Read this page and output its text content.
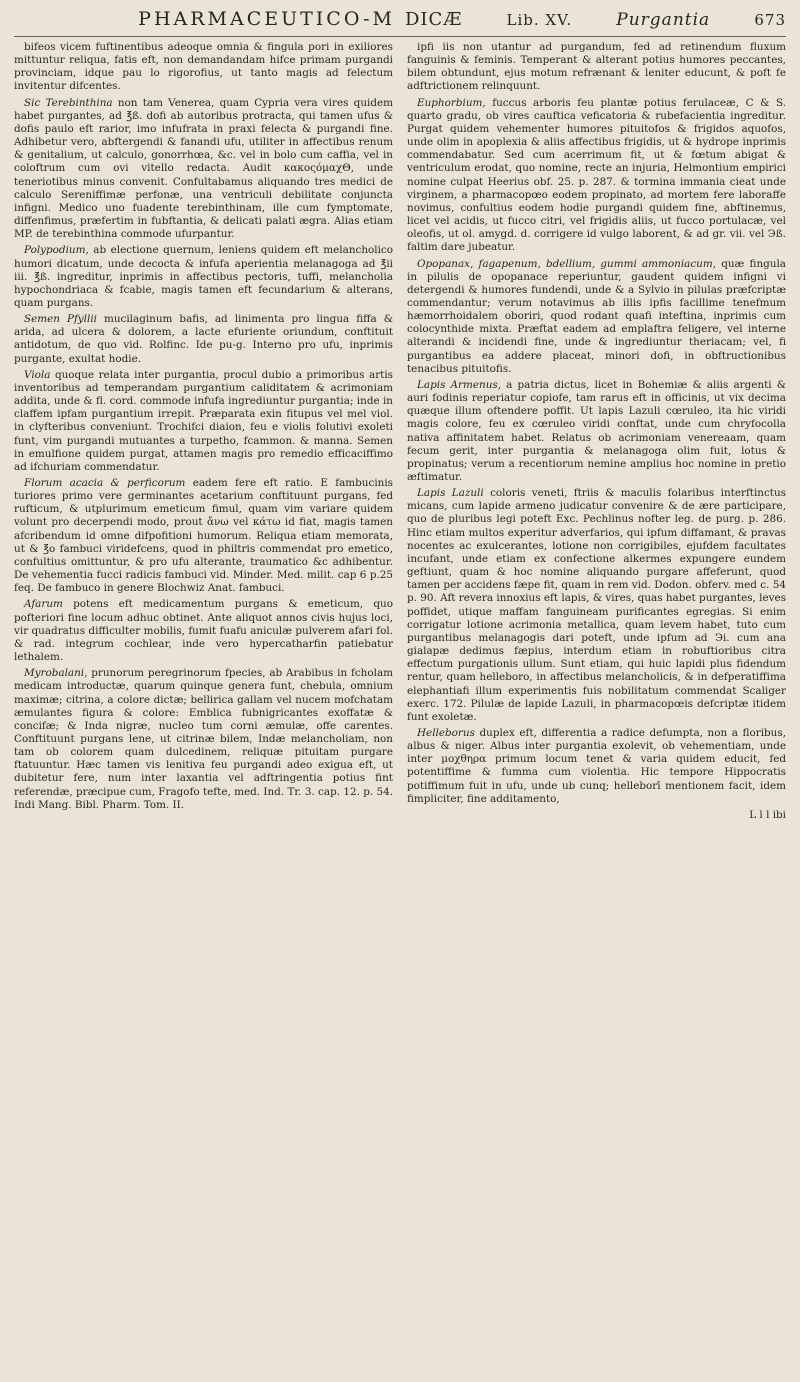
PHARMACEUTICO-M DICÆ	Lib. XV.	Purgantia	673

bifeos vicem fuftinentibus adeoque omnia & fingula pori in exiliores mittuntur reliqua, fatis eft, non demandandam hifce primam purgandi provinciam, idque pau lo rigorofius, ut tanto magis ad felectum invitentur difcentes.

Sic Terebinthina non tam Venerea, quam Cypria vera vires quidem habet purgantes, ad ℥ß. dofi ab autoribus protracta, qui tamen ufus & dofis paulo eft rarior, imo infufrata in praxi felecta & purgandi fine. Adhibetur vero, abftergendi & fanandi ufu, utiliter in affectibus renum & genitalium, ut calculo, gonorrhœa, &c. vel in bolo cum caffia, vel in coloftrum cum ovi vitello redacta. Audit κακοςόμαχΘ, unde teneriotibus minus convenit. Confultabamus aliquando tres medici de calculo Sereniffimæ perfonæ, una ventriculi debilitate conjuncta infigni. Medico uno fuadente terebinthinam, ille cum fymptomate, diffenfimus, præfertim in fubftantia, & delicati palati ægra. Alias etiam MP. de terebinthina commode ufurpantur.

Polypodium, ab electione quernum, leniens quidem eft melancholico humori dicatum, unde decocta & infufa aperientia melanagoga ad ℥ii iii. ℥ß. ingreditur, inprimis in affectibus pectoris, tuffi, melancholia hypochondriaca & fcabie, magis tamen eft fecundarium & alterans, quam purgans.

Semen Pfyllii mucilaginum bafis, ad linimenta pro lingua fiffa & arida, ad ulcera & dolorem, a lacte efuriente oriundum, conftituit antidotum, de quo vid. Rolfinc. Ide pu-g. Interno pro ufu, inprimis purgante, exultat hodie.

Viola quoque relata inter purgantia, procul dubio a primoribus artis inventoribus ad temperandam purgantium caliditatem & acrimoniam addita, unde & fl. cord. commode infufa ingrediuntur purgantia; inde in claffem ipfam purgantium irrepit. Præparata exin fitupus vel mel viol. in clyfteribus conveniunt. Trochifci diaion, feu e violis folutivi exoleti funt, vim purgandi mutuantes a turpetho, fcammon. & manna. Semen in emulfione quidem purgat, attamen magis pro remedio efficaciffimo ad ifchuriam commendatur.

Florum acacia & perficorum eadem fere eft ratio. E fambucinis turiores primo vere germinantes acetarium conftituunt purgans, fed rufticum, & utplurimum emeticum fimul, quam vim variare quidem volunt pro decerpendi modo, prout ἄνω vel κάτω id fiat, magis tamen afcribendum id omne difpofitioni humorum. Reliqua etiam memorata, ut & ℥o fambuci viridefcens, quod in philtris commendat pro emetico, confultius omittuntur, & pro ufu alterante, traumatico &c adhibentur. De vehementia fucci radicis fambuci vid. Minder. Med. milit. cap 6 p.25 feq. De fambuco in genere Blochwiz Anat. fambuci.

Afarum potens eft medicamentum purgans & emeticum, quo pofteriori fine locum adhuc obtinet. Ante aliquot annos civis hujus loci, vir quadratus difficulter mobilis, fumit fuafu aniculæ pulverem afari fol. & rad. integrum cochlear, inde vero hypercatharfin patiebatur lethalem.

Myrobalani, prunorum peregrinorum fpecies, ab Arabibus in fcholam medicam introductæ, quarum quinque genera funt, chebula, omnium maximæ; citrina, a colore dictæ; bellirica gallam vel nucem mofchatam æmulantes figura & colore: Emblica fubnigricantes exoffatæ & concifæ; & Inda nigræ, nucleo tum corni æmulæ, offe carentes. Conftituunt purgans lene, ut citrinæ bilem, Indæ melancholiam, non tam ob colorem quam dulcedinem, reliquæ pituitam purgare ftatuuntur. Hæc tamen vis lenitiva feu purgandi adeo exigua eft, ut dubitetur fere, num inter laxantia vel adftringentia potius fint referendæ, præcipue cum, Fragofo tefte, med. Ind. Tr. 3. cap. 12. p. 54. Indi Mang. Bibl. Pharm. Tom. II.

ipfi iis non utantur ad purgandum, fed ad retinendum fluxum fanguinis & feminis. Temperant & alterant potius humores peccantes, bilem obtundunt, ejus motum refrænant & leniter educunt, & poft fe adftrictionem relinquunt.

Euphorbium, fuccus arboris feu plantæ potius ferulaceæ, C & S. quarto gradu, ob vires cauftica veficatoria & rubefacientia ingreditur. Purgat quidem vehementer humores pituitofos & frigidos aquofos, unde olim in apoplexia & aliis affectibus frigidis, ut & hydrope inprimis commendabatur. Sed cum acerrimum fit, ut & fœtum abigat & ventriculum erodat, quo nomine, recte an injuria, Helmontium empirici nomine culpat Heerius obf. 25. p. 287. & tormina immania cieat unde virginem, a pharmacopœo eodem propinato, ad mortem fere laboraffe novimus, confultius eodem hodie purgandi quidem fine, abftinemus, licet vel acidis, ut fucco citri, vel frigidis aliis, ut fucco portulacæ, vel oleofis, ut ol. amygd. d. corrigere id vulgo laborent, & ad gr. vii. vel Эß. faltim dare jubeatur.

Opopanax, fagapenum, bdellium, gummi ammoniacum, quæ fingula in pilulis de opopanace reperiuntur, gaudent quidem infigni vi detergendi & humores fundendi, unde & a Sylvio in pilulas præfcriptæ commendantur; verum notavimus ab illis ipfis facillime tenefmum hæmorrhoidalem oboriri, quod rodant quafi inteftina, inprimis cum colocynthide mixta. Præftat eadem ad emplaftra feligere, vel interne alterandi & incidendi fine, unde & ingrediuntur theriacam; vel, fi purgantibus ea addere placeat, minori dofi, in obftructionibus tenacibus pituitofis.

Lapis Armenus, a patria dictus, licet in Bohemiæ & aliis argenti & auri fodinis reperiatur copiofe, tam rarus eft in officinis, ut vix decima quæque illum oftendere poffit. Ut lapis Lazuli cœruleo, ita hic viridi magis colore, feu ex cœruleo viridi conftat, unde cum chryfocolla nativa affinitatem habet. Relatus ob acrimoniam venereaam, quam fecum gerit, inter purgantia & melanagoga olim fuit, lotus & propinatus; verum a recentiorum nemine amplius hoc nomine in pretio æftimatur.

Lapis Lazuli coloris veneti, ftriis & maculis folaribus interftinctus micans, cum lapide armeno judicatur convenire & de ære participare, quo de pluribus legi poteft Exc. Pechlinus nofter leg. de purg. p. 286. Hinc etiam multos experitur adverfarios, qui ipfum diffamant, & pravas nocentes ac exulcerantes, lotione non corrigibiles, ejufdem facultates incufant, unde etiam ex confectione alkermes expungere eundem geftiunt, quam & hoc nomine aliquando purgare affeferunt, quod tamen per accidens fæpe fit, quam in rem vid. Dodon. obferv. med c. 54 p. 90. Aft revera innoxius eft lapis, & vires, quas habet purgantes, leves poffidet, utique maffam fanguineam purificantes egregias. Si enim corrigatur lotione acrimonia metallica, quam levem habet, tuto cum purgantibus melanagogis dari poteft, unde ipfum ad Эi. cum ana gialapæ dedimus fæpius, interdum etiam in robuftioribus citra effectum purgationis ullum. Sunt etiam, qui huic lapidi plus fidendum rentur, quam helleboro, in affectibus melancholicis, & in defperatiffima elephantiafi illum experimentis fuis nobilitatum commendat Scaliger exerc. 172. Pilulæ de lapide Lazuli, in pharmacopœis defcriptæ itidem funt exoletæ.

Helleborus duplex eft, differentia a radice defumpta, non a floribus, albus & niger. Albus inter purgantia exolevit, ob vehementiam, unde inter μοχθηρα primum locum tenet & varia quidem educit, fed potentiffime & fumma cum violentia. Hic tempore Hippocratis potiffimum fuit in ufu, unde ub cunq; helleborī mentionem facit, idem fimpliciter, fine additamento,

L l l ibi
